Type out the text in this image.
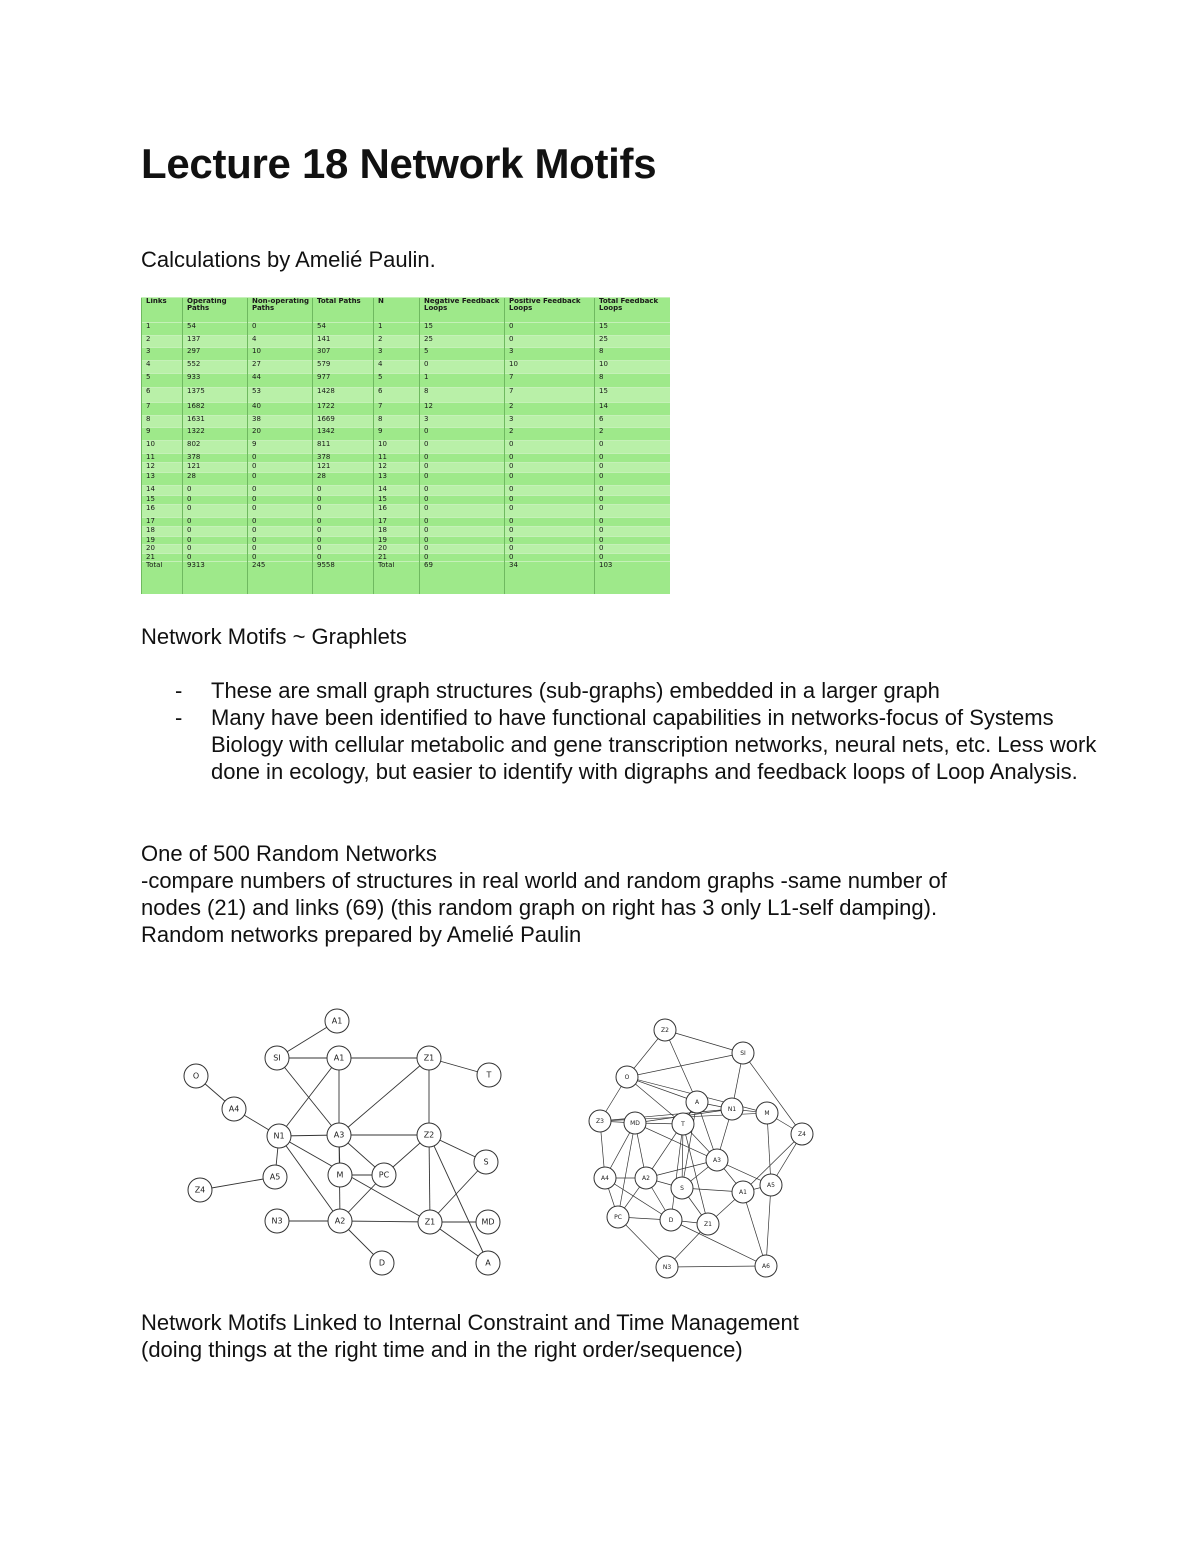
Lecture 18 Network Motifs
Calculations by Amelié Paulin.
Links	Operating Paths	Non-operating Paths	Total Paths	N	Negative Feedback Loops	Positive Feedback Loops	Total Feedback Loops
1	54	0	54	1	15	0	15
2	137	4	141	2	25	0	25
3	297	10	307	3	5	3	8
4	552	27	579	4	0	10	10
5	933	44	977	5	1	7	8
6	1375	53	1428	6	8	7	15
7	1682	40	1722	7	12	2	14
8	1631	38	1669	8	3	3	6
9	1322	20	1342	9	0	2	2
10	802	9	811	10	0	0	0
11	378	0	378	11	0	0	0
12	121	0	121	12	0	0	0
13	28	0	28	13	0	0	0
14	0	0	0	14	0	0	0
15	0	0	0	15	0	0	0
16	0	0	0	16	0	0	0
17	0	0	0	17	0	0	0
18	0	0	0	18	0	0	0
19	0	0	0	19	0	0	0
20	0	0	0	20	0	0	0
21	0	0	0	21	0	0	0
Total	9313	245	9558	Total	69	34	103
Network Motifs ~ Graphlets
- These are small graph structures (sub-graphs) embedded in a larger graph
- Many have been identified to have functional capabilities in networks-focus of Systems Biology with cellular metabolic and gene transcription networks, neural nets, etc. Less work done in ecology, but easier to identify with digraphs and feedback loops of Loop Analysis.
One of 500 Random Networks
-compare numbers of structures in real world and random graphs -same number of
nodes (21) and links (69) (this random graph on right has 3 only L1-self damping).
Random networks prepared by Amelié Paulin
A1
SI	A1	Z1
T
O
A4
N1	A3	Z2
A5	M	PC
S
Z4
N3	A2	Z1	MD
D	A
Z2
SI
O
Z3	MD	T
A
N1
M
Z4
A3
A4	A2
S	A5
A1
PC	D
Z1
N3	A6
Network Motifs Linked to Internal Constraint and Time Management
(doing things at the right time and in the right order/sequence)
